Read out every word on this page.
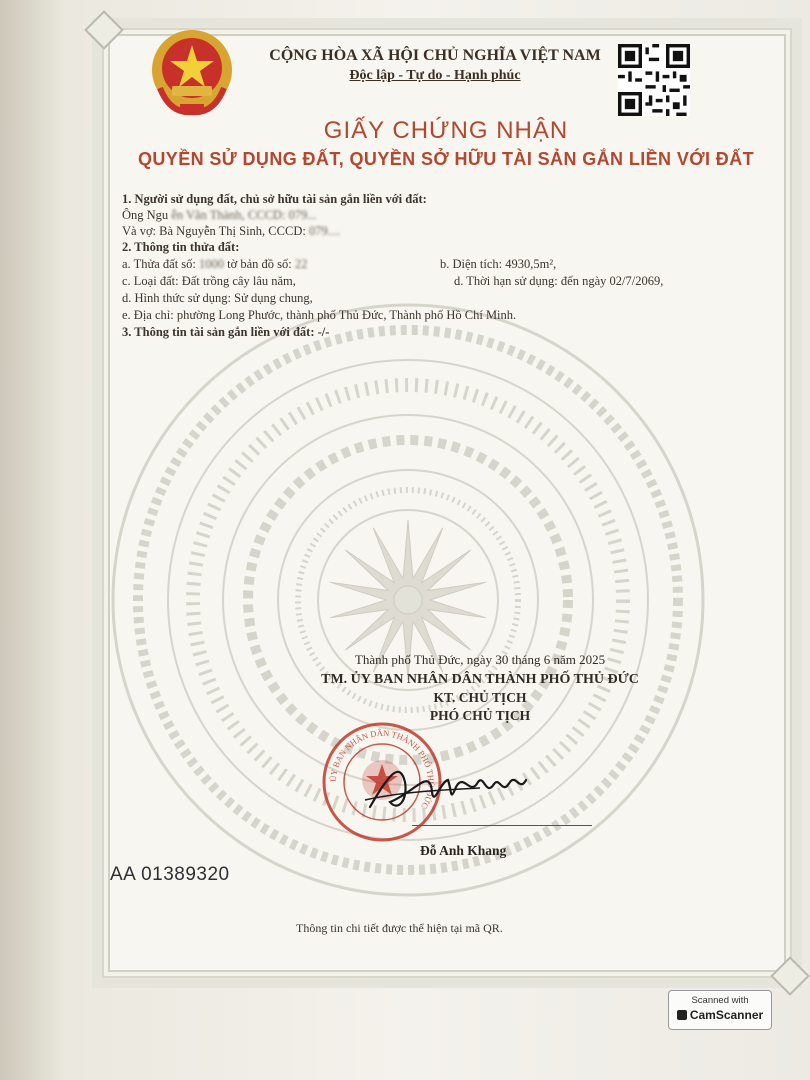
CỘNG HÒA XÃ HỘI CHỦ NGHĨA VIỆT NAM
Độc lập - Tự do - Hạnh phúc
GIẤY CHỨNG NHẬN
QUYỀN SỬ DỤNG ĐẤT, QUYỀN SỞ HỮU TÀI SẢN GẮN LIỀN VỚI ĐẤT
1. Người sử dụng đất, chủ sở hữu tài sản gắn liền với đất:
Ông Ngu ễn Văn Thành, CCCD: 079...
Và vợ: Bà Nguyễn Thị Sinh, CCCD: 079....
2. Thông tin thửa đất:
a. Thửa đất số: 1000 tờ bản đồ số: 22	b. Diện tích: 4930,5m²,
c. Loại đất: Đất trồng cây lâu năm,	d. Thời hạn sử dụng: đến ngày 02/7/2069,
d. Hình thức sử dụng: Sử dụng chung,
e. Địa chỉ: phường Long Phước, thành phố Thủ Đức, Thành phố Hồ Chí Minh.
3. Thông tin tài sản gắn liền với đất: -/-
Thành phố Thủ Đức, ngày 30 tháng 6 năm 2025
TM. ỦY BAN NHÂN DÂN THÀNH PHỐ THỦ ĐỨC
KT. CHỦ TỊCH
PHÓ CHỦ TỊCH
ỦY BAN NHÂN DÂN THÀNH PHỐ THỦ ĐỨC
Đỗ Anh Khang
AA 01389320
Thông tin chi tiết được thể hiện tại mã QR.
Scanned with
CamScanner
